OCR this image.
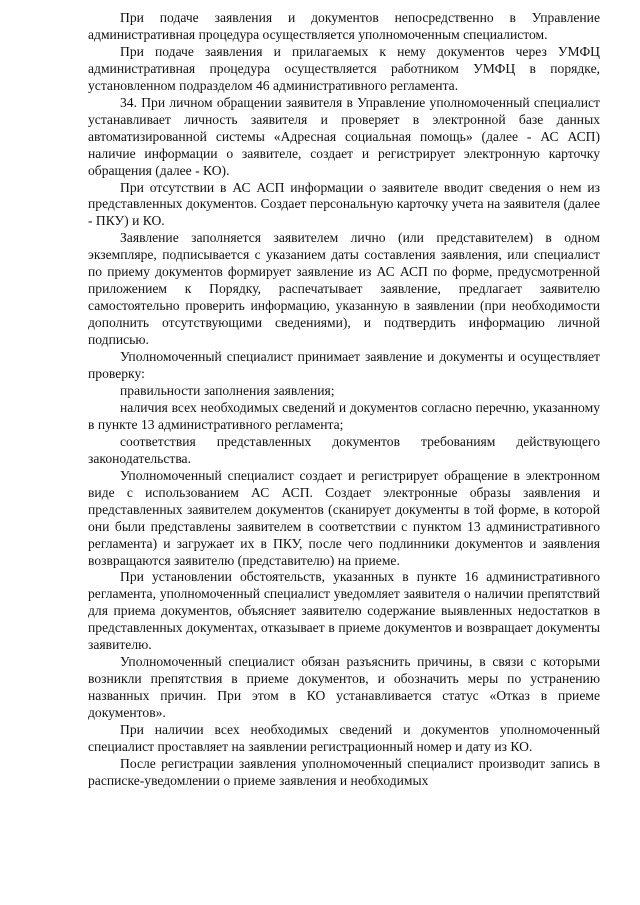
При подаче заявления и документов непосредственно в Управление административная процедура осуществляется уполномоченным специалистом.

При подаче заявления и прилагаемых к нему документов через УМФЦ административная процедура осуществляется работником УМФЦ в порядке, установленном подразделом 46 административного регламента.

34. При личном обращении заявителя в Управление уполномоченный специалист устанавливает личность заявителя и проверяет в электронной базе данных автоматизированной системы «Адресная социальная помощь» (далее - АС АСП) наличие информации о заявителе, создает и регистрирует электронную карточку обращения (далее - КО).

При отсутствии в АС АСП информации о заявителе вводит сведения о нем из представленных документов. Создает персональную карточку учета на заявителя (далее - ПКУ) и КО.

Заявление заполняется заявителем лично (или представителем) в одном экземпляре, подписывается с указанием даты составления заявления, или специалист по приему документов формирует заявление из АС АСП по форме, предусмотренной приложением к Порядку, распечатывает заявление, предлагает заявителю самостоятельно проверить информацию, указанную в заявлении (при необходимости дополнить отсутствующими сведениями), и подтвердить информацию личной подписью.

Уполномоченный специалист принимает заявление и документы и осуществляет проверку:

правильности заполнения заявления;

наличия всех необходимых сведений и документов согласно перечню, указанному в пункте 13 административного регламента;

соответствия представленных документов требованиям действующего законодательства.

Уполномоченный специалист создает и регистрирует обращение в электронном виде с использованием АС АСП. Создает электронные образы заявления и представленных заявителем документов (сканирует документы в той форме, в которой они были представлены заявителем в соответствии с пунктом 13 административного регламента) и загружает их в ПКУ, после чего подлинники документов и заявления возвращаются заявителю (представителю) на приеме.

При установлении обстоятельств, указанных в пункте 16 административного регламента, уполномоченный специалист уведомляет заявителя о наличии препятствий для приема документов, объясняет заявителю содержание выявленных недостатков в представленных документах, отказывает в приеме документов и возвращает документы заявителю.

Уполномоченный специалист обязан разъяснить причины, в связи с которыми возникли препятствия в приеме документов, и обозначить меры по устранению названных причин. При этом в КО устанавливается статус «Отказ в приеме документов».

При наличии всех необходимых сведений и документов уполномоченный специалист проставляет на заявлении регистрационный номер и дату из КО.

После регистрации заявления уполномоченный специалист производит запись в расписке-уведомлении о приеме заявления и необходимых
